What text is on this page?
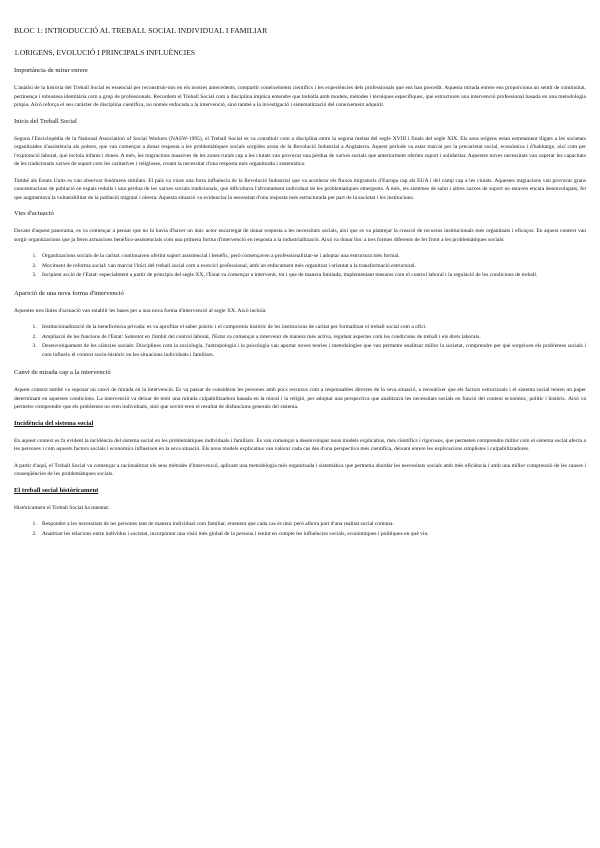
BLOC 1: INTRODUCCIÓ AL TREBALL SOCIAL INDIVIDUAL I FAMILIAR
1.ORIGENS, EVOLUCIÓ I PRINCIPALS INFLUÈNCIES
Importància de mirar enrere

L'anàlisi de la història del Treball Social es essencial per reconstruir-nos en els nostres antecedents, compartir coneixements científics i les experiències dels professionals que ens han precedit. Aquesta mirada enrere ens proporciona un sentit de continuïtat, pertinença i robustesa identitària com a grup de professionals. Recordem el Treball Social com a disciplina implica entendre que treballa amb models, mètodes i tècniques específiques, que estructuren una intervenció professional basada en una metodologia pròpia. Això reforça el seu caràcter de disciplina científica, no només enfocada a la intervenció, sinó també a la investigació i sistematització del coneixement adquirit.

Inicis del Treball Social

Segons l'Enciclopèdia de la National Association of Social Workers (NASW-1995), el Treball Social es va constituir com a disciplina entre la segona meitat del segle XVIII i finals del segle XIX. Els seus orígens estan estretament lligats a les societats organitzades d'assistència als pobres, que van començar a donar resposta a les problemàtiques socials sorgides arran de la Revolució Industrial a Anglaterra. Aquest període va estar marcat per la precarietat social, econòmica i d'habitatge, així com per l'explotació laboral, que incloïa infants i dones. A més, les migracions massives de les zones rurals cap a les ciutats van provocar una pèrdua de xarxes socials que anteriorment oferien suport i solidaritat. Aquestes noves necessitats van superar les capacitats de les tradicionals xarxes de suport com les caritatives i religioses, creant la necessitat d'una resposta més organitzada i sistemàtica.

També als Estats Units es van observar fenòmens similars. El país va viure una forta influència de la Revolució Industrial que va accelerar els fluxos migratoris d'Europa cap als EUA i del camp cap a les ciutats. Aquestes migracions van provocar grans concentracions de població en espais reduïts i una pèrdua de les xarxes socials tradicionals, que dificultava l'afrontament individual de les problemàtiques emergents. A més, els sistemes de salut i altres xarxes de suport no estaven encara desenvolupats, fet que augmentava la vulnerabilitat de la població migrant i obrera. Aquesta situació va evidenciar la necessitat d'una resposta més estructurada per part de la societat i les institucions.

Vies d'actuació

Davant d'aquest panorama, es va començar a pensar que no hi havia d'haver un únic actor encarregat de donar resposta a les necessitats socials, així que es va plantejar la creació de recursos institucionals més organitzats i eficaços. En aquest context van sorgir organitzacions que ja feien actuacions benèfico-assistencials com una primera forma d'intervenció en resposta a la industrialització. Això va donar lloc a tres formes diferents de fer front a les problemàtiques socials:

1. Organitzacions socials de la caritat: continuaven oferint suport assistencial i benèfic, però començaven a professionalitzar-se i adoptar una estructura més formal.
2. Moviment de reforma social: van marcar l'inici del treball social com a exercici professional, amb un enfocament més organitzat i orientat a la transformació estructural.
3. Incipient acció de l'Estat: especialment a partir de principis del segle XX, l'Estat va començar a intervenir, tot i que de manera limitada, implementant mesures com el control laboral i la regulació de les condicions de treball.
Aparició de una nova forma d'intervenció

Aquestes tres línies d'actuació van establir les bases per a una nova forma d'intervenció al segle XX. Això incloïa:

1. Institucionalització de la beneficència privada: es va aprofitar el saber pràctic i el compromís històric de les institucions de caritat per formalitzar el treball social com a ofici.
2. Ampliació de les funcions de l'Estat: Sobretot en l'àmbit del control laboral, l'Estat va començar a intervenir de manera més activa, regulant aspectes com les condicions de treball i els drets laborals.
3. Desenvolupament de les ciències socials: Disciplines com la sociologia, l'antropologia i la psicologia van aportar noves teories i metodologies que van permetre analitzar millor la societat, comprendre per què sorgeixen els problemes socials i com influeix el context socio-històric en les situacions individuals i familiars.
Canvi de mirada cap a la intervenció

Aquest context també va suposar un canvi de mirada en la intervenció. Es va passar de considerar les persones amb pocs recursos com a responsables directes de la seva situació, a reconèixer que els factors estructurals i el sistema social tenien un paper determinant en aquestes condicions. La intervenció va deixar de tenir una mirada culpabilitzadora basada en la moral i la religió, per adoptar una perspectiva que analitzava les necessitats socials en funció del context econòmic, polític i històric. Això va permetre comprendre que els problemes no eren individuals, sinó que sovint eren el resultat de disfuncions generals del sistema.

Incidència del sistema social

En aquest context es fa evident la incidència del sistema social en les problemàtiques individuals i familiars. Es van començar a desenvolupar nous models explicatius, més científics i rigorosos, que permeten comprendre millor com el sistema social afecta a les persones i com aquests factors socials i econòmics influeixen en la seva situació. Els nous models explicatius van valorar cada cas des d'una perspectiva més científica, deixant enrere les explicacions simplistes i culpabilitzadores.

A partir d'aquí, el Treball Social va començar a racionalitzar els seus mètodes d'intervenció, aplicant una metodologia més organitzada i sistemàtica que permetia abordar les necessitats socials amb més eficiència i amb una millor comprensió de les causes i conseqüències de les problemàtiques socials.

El treball social històricament

Històricament el Treball Social ha intentat:

1. Respondre a les necessitats de les persones tant de manera individual com familiar, entenent que cada cas és únic però alhora part d'una realitat social comuna.
2. Analitzar les relacions entre individus i societat, incorporant una visió més global de la persona i tenint en compte les influències socials, econòmiques i polítiques en què viu.
